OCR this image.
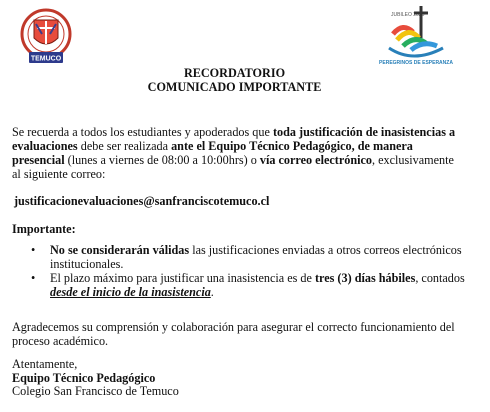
TEMUCO
JUBILEO 2025
PEREGRINOS DE ESPERANZA
RECORDATORIO
COMUNICADO IMPORTANTE
Se recuerda a todos los estudiantes y apoderados que toda justificación de inasistencias a evaluaciones debe ser realizada ante el Equipo Técnico Pedagógico, de manera presencial (lunes a viernes de 08:00 a 10:00hrs) o vía correo electrónico, exclusivamente al siguiente correo:
justificacionevaluaciones@sanfranciscotemuco.cl
Importante:
• No se considerarán válidas las justificaciones enviadas a otros correos electrónicos institucionales.
• El plazo máximo para justificar una inasistencia es de tres (3) días hábiles, contados desde el inicio de la inasistencia.
Agradecemos su comprensión y colaboración para asegurar el correcto funcionamiento del proceso académico.
Atentamente,
Equipo Técnico Pedagógico
Colegio San Francisco de Temuco
